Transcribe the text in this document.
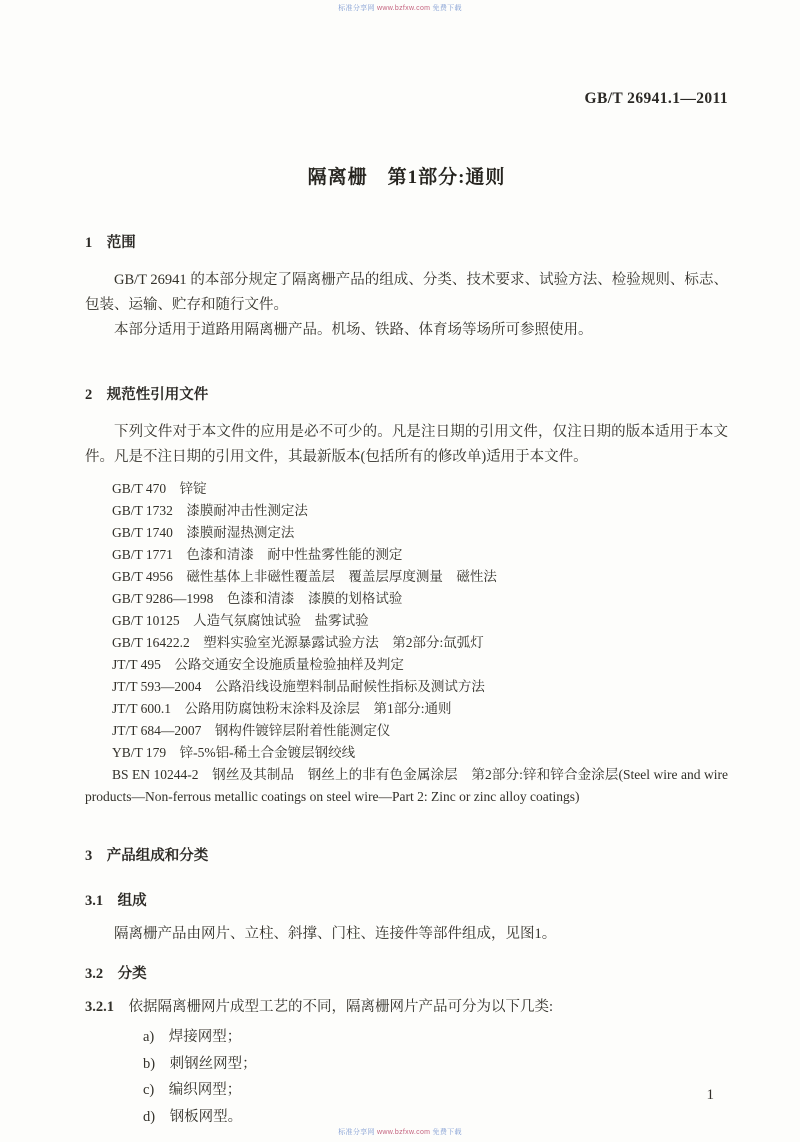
标准分享网 www.bzfxw.com 免费下载
GB/T 26941.1—2011
隔离栅　第1部分:通则
1　范围

GB/T 26941 的本部分规定了隔离栅产品的组成、分类、技术要求、试验方法、检验规则、标志、包装、运输、贮存和随行文件。

本部分适用于道路用隔离栅产品。机场、铁路、体育场等场所可参照使用。

2　规范性引用文件

下列文件对于本文件的应用是必不可少的。凡是注日期的引用文件，仅注日期的版本适用于本文件。凡是不注日期的引用文件，其最新版本(包括所有的修改单)适用于本文件。

GB/T 470　锌锭

GB/T 1732　漆膜耐冲击性测定法

GB/T 1740　漆膜耐湿热测定法

GB/T 1771　色漆和清漆　耐中性盐雾性能的测定

GB/T 4956　磁性基体上非磁性覆盖层　覆盖层厚度测量　磁性法

GB/T 9286—1998　色漆和清漆　漆膜的划格试验

GB/T 10125　人造气氛腐蚀试验　盐雾试验

GB/T 16422.2　塑料实验室光源暴露试验方法　第2部分:氙弧灯

JT/T 495　公路交通安全设施质量检验抽样及判定

JT/T 593—2004　公路沿线设施塑料制品耐候性指标及测试方法

JT/T 600.1　公路用防腐蚀粉末涂料及涂层　第1部分:通则

JT/T 684—2007　钢构件镀锌层附着性能测定仪

YB/T 179　锌-5%铝-稀土合金镀层钢绞线

BS EN 10244-2　钢丝及其制品　钢丝上的非有色金属涂层　第2部分:锌和锌合金涂层(Steel wire and wire products—Non-ferrous metallic coatings on steel wire—Part 2: Zinc or zinc alloy coatings)

3　产品组成和分类
3.1　组成

隔离栅产品由网片、立柱、斜撑、门柱、连接件等部件组成，见图1。

3.2　分类

3.2.1　依据隔离栅网片成型工艺的不同，隔离栅网片产品可分为以下几类:

a)　焊接网型；

b)　刺钢丝网型；

c)　编织网型；

d)　钢板网型。

1
标准分享网 www.bzfxw.com 免费下载
